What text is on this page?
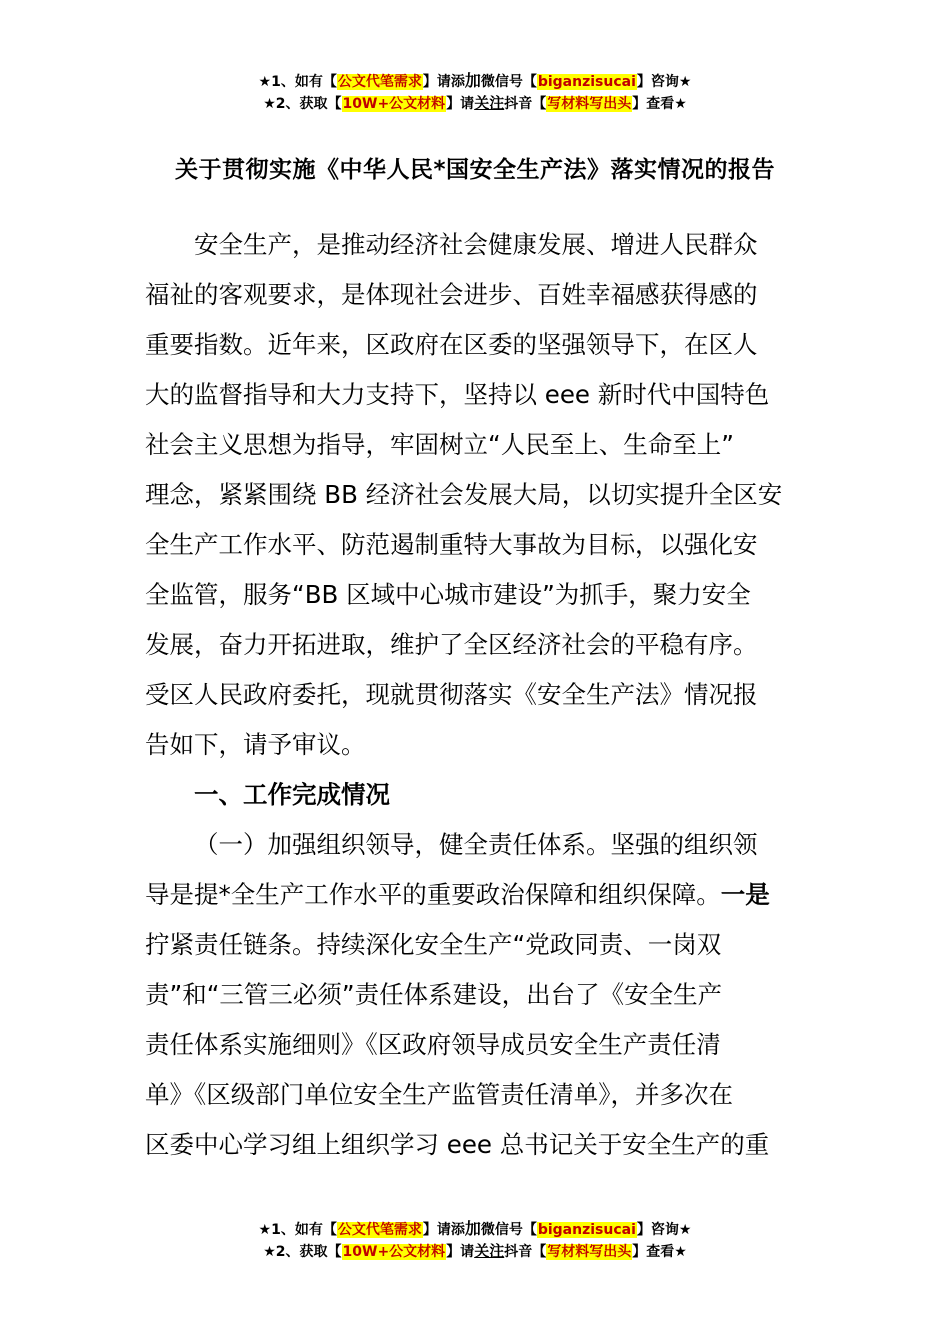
★1、如有【公文代笔需求】请添加微信号【biganzisucai】咨询★
★2、获取【10W+公文材料】请关注抖音【写材料写出头】查看★
关于贯彻实施《中华人民*国安全生产法》落实情况的报告
安全生产，是推动经济社会健康发展、增进人民群众
福祉的客观要求，是体现社会进步、百姓幸福感获得感的
重要指数。近年来，区政府在区委的坚强领导下，在区人
大的监督指导和大力支持下，坚持以 eee 新时代中国特色
社会主义思想为指导，牢固树立“人民至上、生命至上”
理念，紧紧围绕 BB 经济社会发展大局，以切实提升全区安
全生产工作水平、防范遏制重特大事故为目标，以强化安
全监管，服务“BB 区域中心城市建设”为抓手，聚力安全
发展，奋力开拓进取，维护了全区经济社会的平稳有序。
受区人民政府委托，现就贯彻落实《安全生产法》情况报
告如下，请予审议。
一、工作完成情况
（一）加强组织领导，健全责任体系。坚强的组织领
导是提*全生产工作水平的重要政治保障和组织保障。一是
拧紧责任链条。持续深化安全生产“党政同责、一岗双
责”和“三管三必须”责任体系建设，出台了《安全生产
责任体系实施细则》《区政府领导成员安全生产责任清
单》《区级部门单位安全生产监管责任清单》，并多次在
区委中心学习组上组织学习 eee 总书记关于安全生产的重
★1、如有【公文代笔需求】请添加微信号【biganzisucai】咨询★
★2、获取【10W+公文材料】请关注抖音【写材料写出头】查看★
